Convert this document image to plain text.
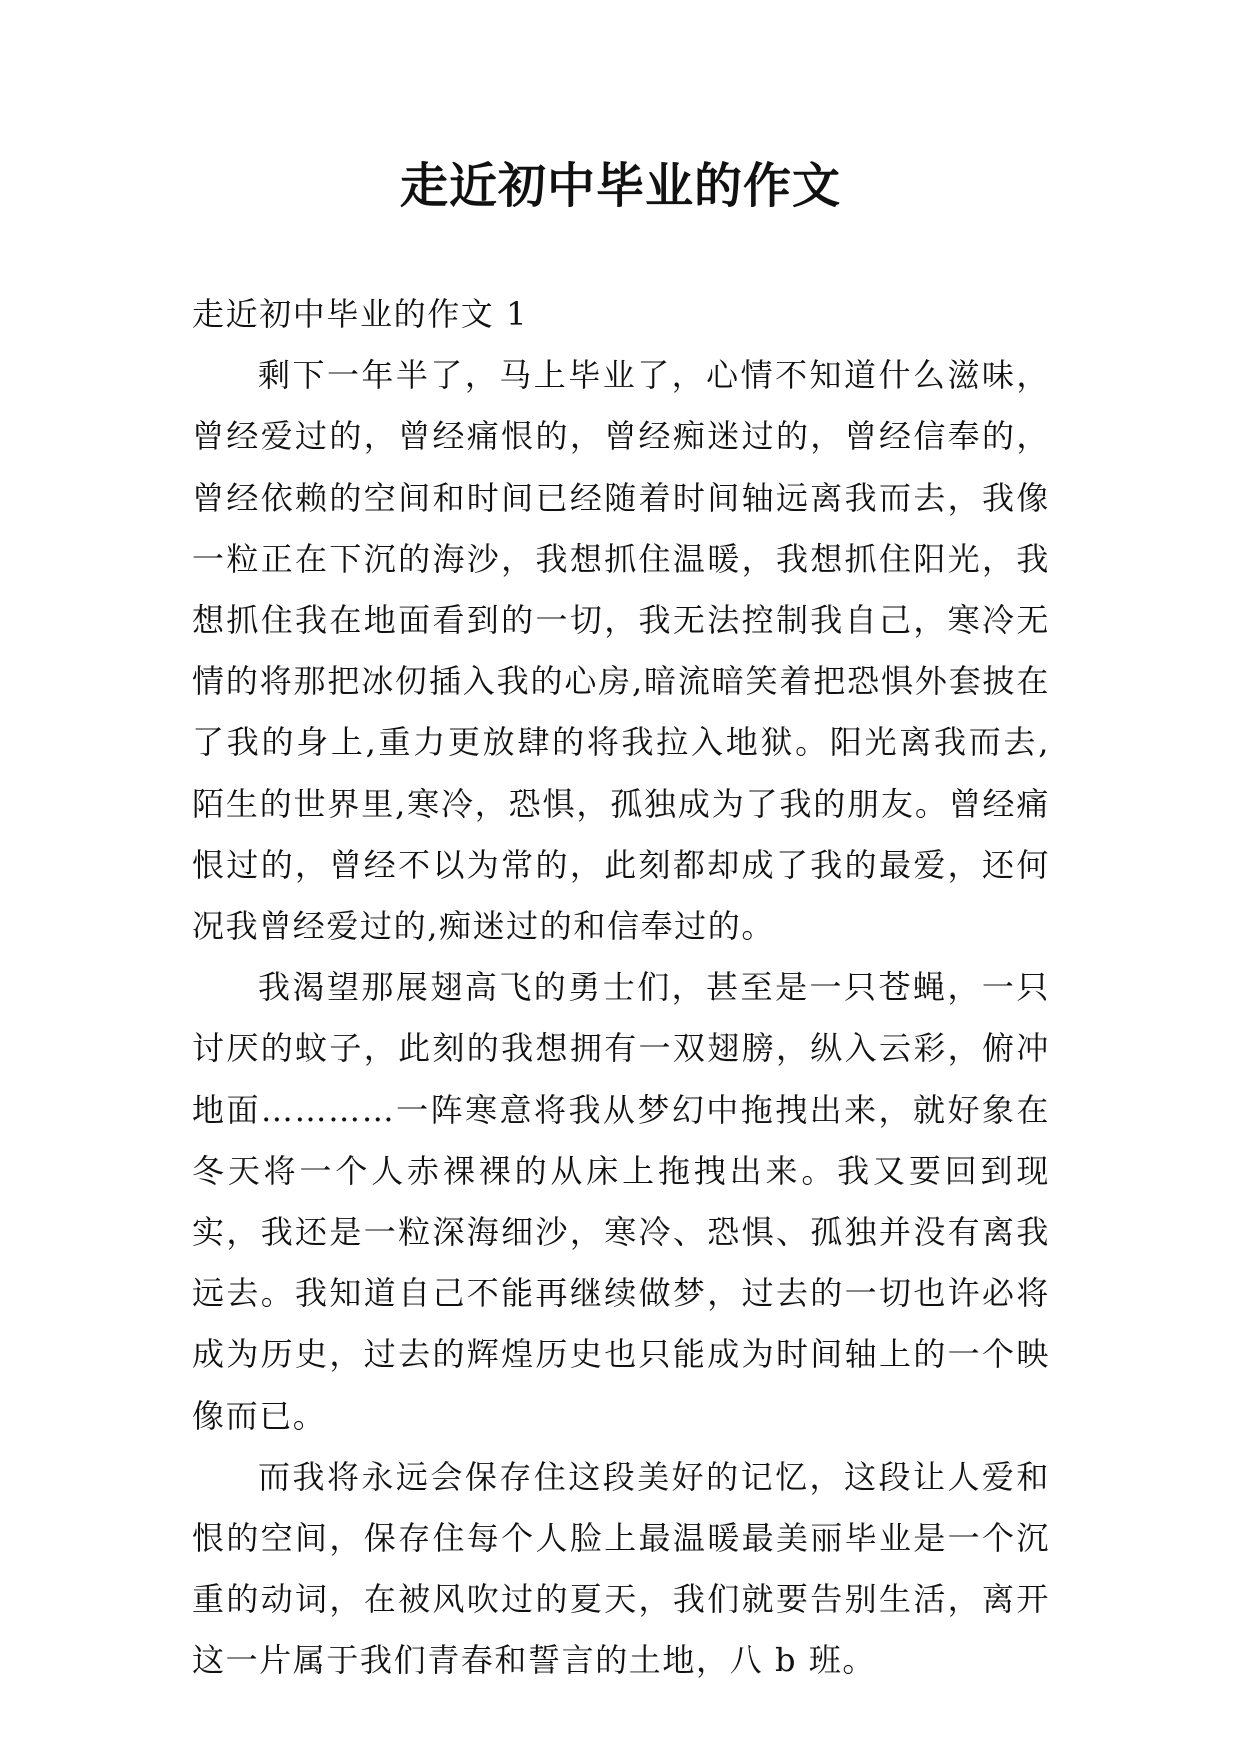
走近初中毕业的作文

走近初中毕业的作文 1

剩下一年半了，马上毕业了，心情不知道什么滋味，曾经爱过的，曾经痛恨的，曾经痴迷过的，曾经信奉的，曾经依赖的空间和时间已经随着时间轴远离我而去，我像一粒正在下沉的海沙，我想抓住温暖，我想抓住阳光，我想抓住我在地面看到的一切，我无法控制我自己，寒冷无情的将那把冰仞插入我的心房,暗流暗笑着把恐惧外套披在了我的身上,重力更放肆的将我拉入地狱。阳光离我而去,陌生的世界里,寒冷，恐惧，孤独成为了我的朋友。曾经痛恨过的，曾经不以为常的，此刻都却成了我的最爱，还何况我曾经爱过的,痴迷过的和信奉过的。

我渴望那展翅高飞的勇士们，甚至是一只苍蝇，一只讨厌的蚊子，此刻的我想拥有一双翅膀，纵入云彩，俯冲地面…………一阵寒意将我从梦幻中拖拽出来，就好象在冬天将一个人赤裸裸的从床上拖拽出来。我又要回到现实，我还是一粒深海细沙，寒冷、恐惧、孤独并没有离我远去。我知道自己不能再继续做梦，过去的一切也许必将成为历史，过去的辉煌历史也只能成为时间轴上的一个映像而已。

而我将永远会保存住这段美好的记忆，这段让人爱和恨的空间，保存住每个人脸上最温暖最美丽毕业是一个沉重的动词，在被风吹过的夏天，我们就要告别生活，离开这一片属于我们青春和誓言的土地，八 b 班。
